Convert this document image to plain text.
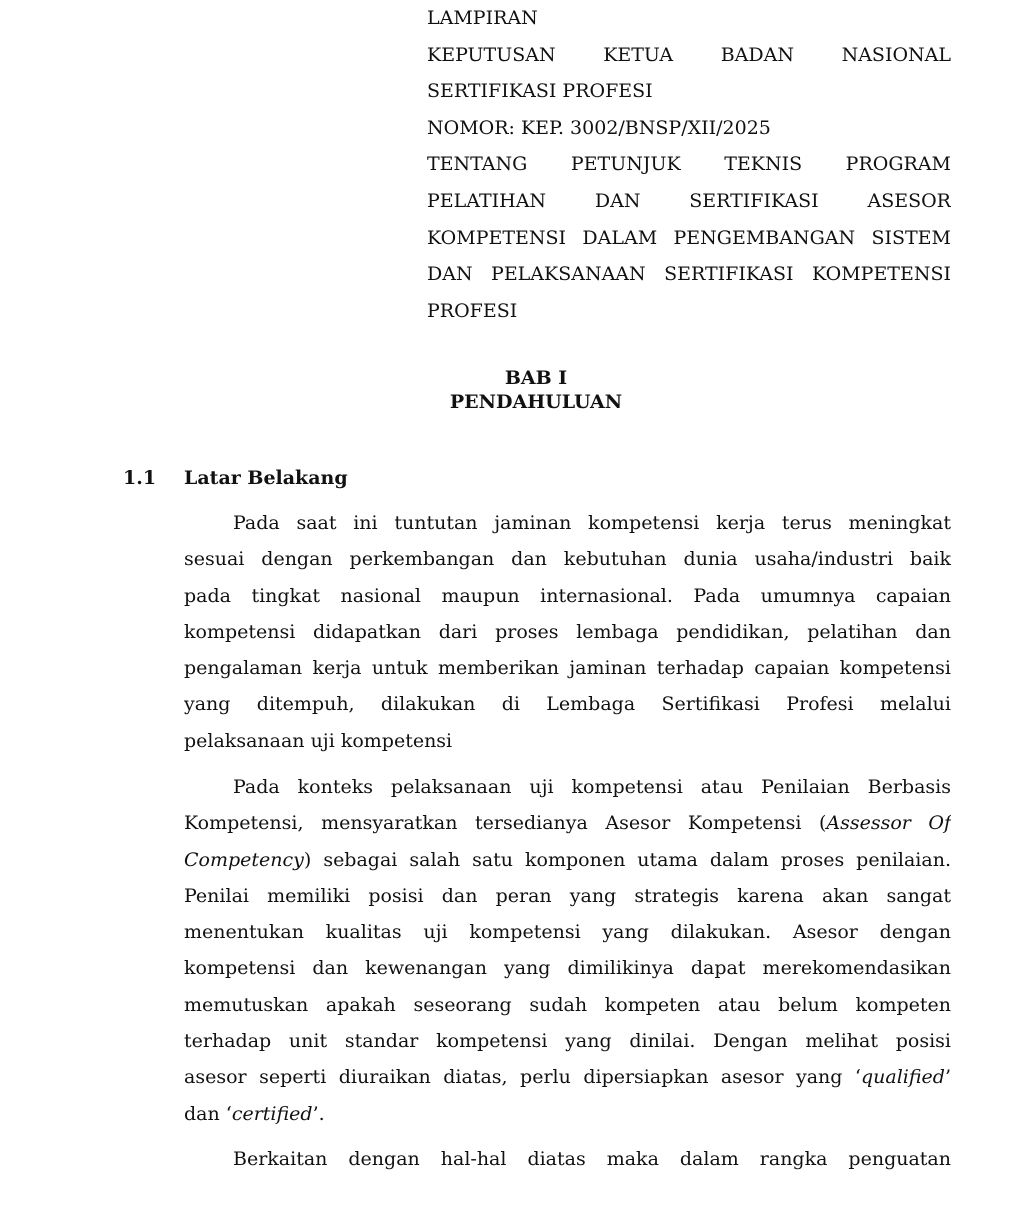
LAMPIRAN
KEPUTUSAN KETUA BADAN NASIONAL
SERTIFIKASI PROFESI
NOMOR: KEP. 3002/BNSP/XII/2025
TENTANG PETUNJUK TEKNIS PROGRAM
PELATIHAN DAN SERTIFIKASI ASESOR
KOMPETENSI DALAM PENGEMBANGAN SISTEM
DAN PELAKSANAAN SERTIFIKASI KOMPETENSI
PROFESI
BAB I
PENDAHULUAN
1.1 Latar Belakang
Pada saat ini tuntutan jaminan kompetensi kerja terus meningkat
sesuai dengan perkembangan dan kebutuhan dunia usaha/industri baik
pada tingkat nasional maupun internasional. Pada umumnya capaian
kompetensi didapatkan dari proses lembaga pendidikan, pelatihan dan
pengalaman kerja untuk memberikan jaminan terhadap capaian kompetensi
yang ditempuh, dilakukan di Lembaga Sertifikasi Profesi melalui
pelaksanaan uji kompetensi
Pada konteks pelaksanaan uji kompetensi atau Penilaian Berbasis
Kompetensi, mensyaratkan tersedianya Asesor Kompetensi (Assessor Of
Competency) sebagai salah satu komponen utama dalam proses penilaian.
Penilai memiliki posisi dan peran yang strategis karena akan sangat
menentukan kualitas uji kompetensi yang dilakukan. Asesor dengan
kompetensi dan kewenangan yang dimilikinya dapat merekomendasikan
memutuskan apakah seseorang sudah kompeten atau belum kompeten
terhadap unit standar kompetensi yang dinilai. Dengan melihat posisi
asesor seperti diuraikan diatas, perlu dipersiapkan asesor yang ‘qualified’
dan ‘certified’.
Berkaitan dengan hal-hal diatas maka dalam rangka penguatan
